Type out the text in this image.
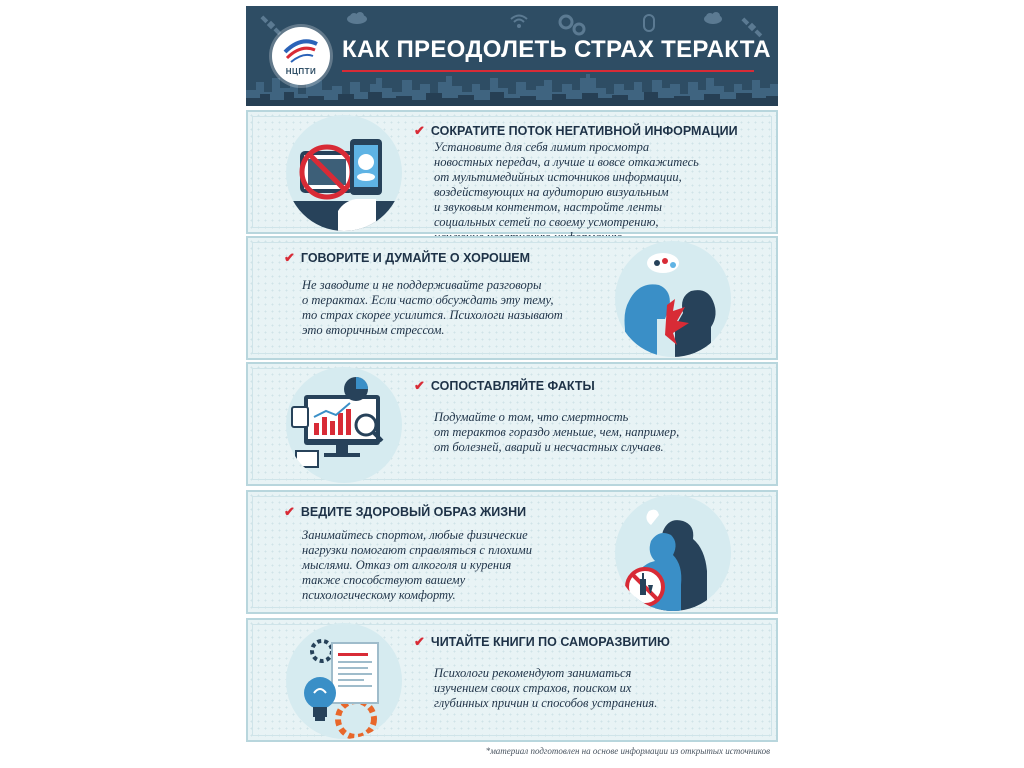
НЦПТИ
КАК ПРЕОДОЛЕТЬ СТРАХ ТЕРАКТА
✔ СОКРАТИТЕ ПОТОК НЕГАТИВНОЙ ИНФОРМАЦИИ
Установите для себя лимит просмотра
новостных передач, а лучше и вовсе откажитесь
от мультимедийных источников информации,
воздействующих на аудиторию визуальным
и звуковым контентом, настройте ленты
социальных сетей по своему усмотрению,
✔ ГОВОРИТЕ И ДУМАЙТЕ О ХОРОШЕМ
Не заводите и не поддерживайте разговоры
о терактах. Если часто обсуждать эту тему,
то страх скорее усилится. Психологи называют
это вторичным стрессом.
✔ СОПОСТАВЛЯЙТЕ ФАКТЫ
Подумайте о том, что смертность
от терактов гораздо меньше, чем, например,
от болезней, аварий и несчастных случаев.
✔ ВЕДИТЕ ЗДОРОВЫЙ ОБРАЗ ЖИЗНИ
Занимайтесь спортом, любые физические
нагрузки помогают справляться с плохими
мыслями. Отказ от алкоголя и курения
также способствуют вашему
психологическому комфорту.
✔ ЧИТАЙТЕ КНИГИ ПО САМОРАЗВИТИЮ
Психологи рекомендуют заниматься
изучением своих страхов, поиском их
глубинных причин и способов устранения.
*материал подготовлен на основе информации из открытых источников
